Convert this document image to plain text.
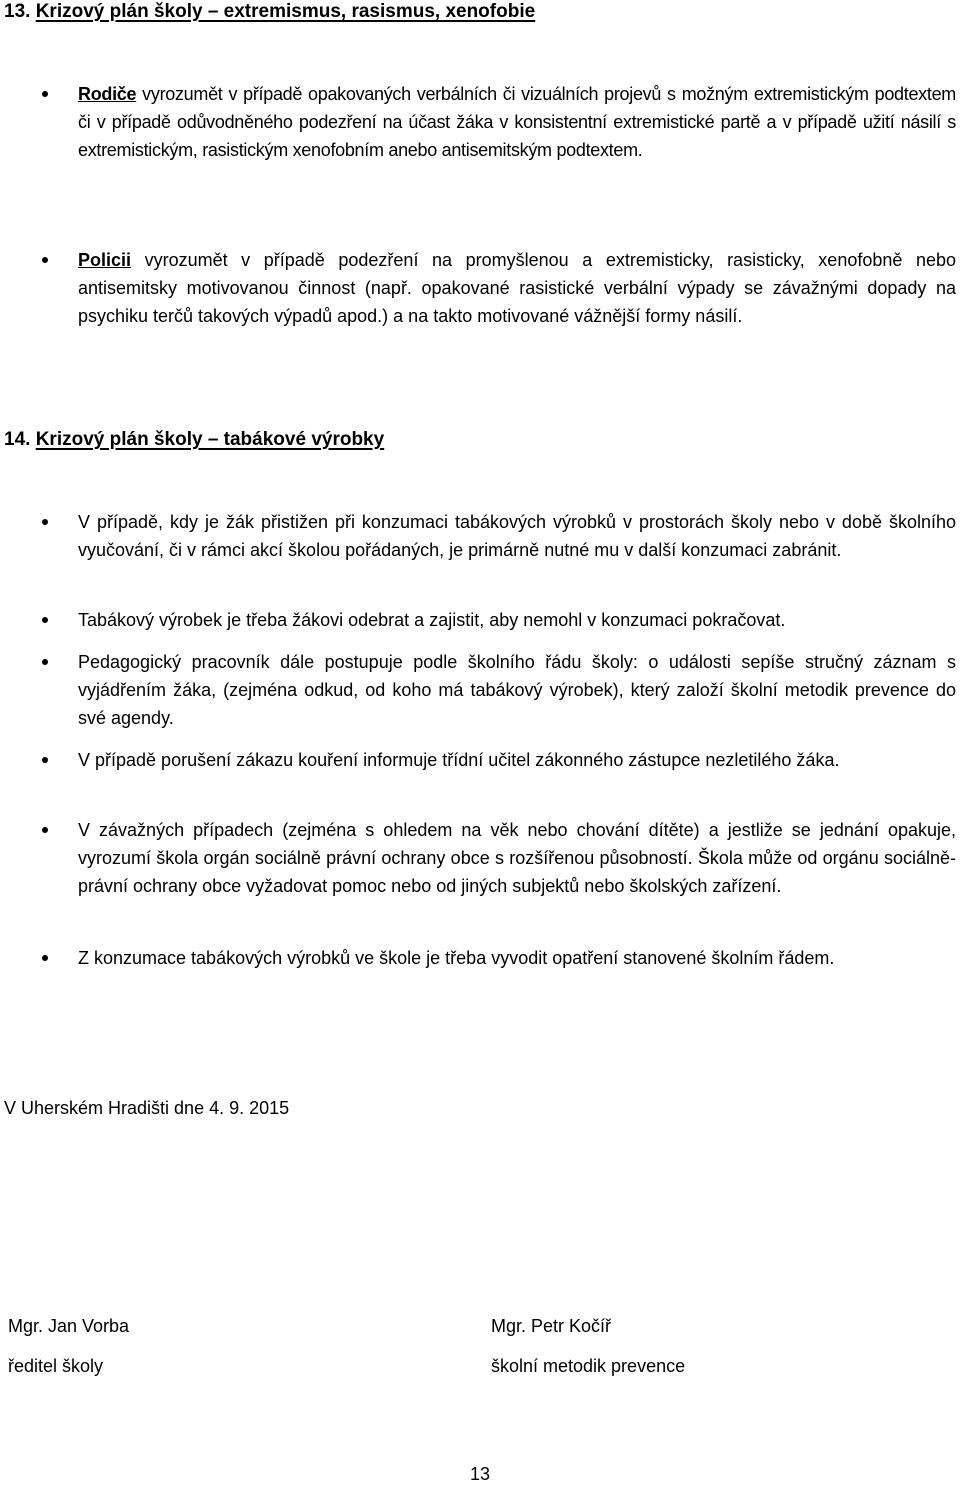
13. Krizový plán školy – extremismus, rasismus, xenofobie

Rodiče vyrozumět v případě opakovaných verbálních či vizuálních projevů s možným extremistickým podtextem či v případě odůvodněného podezření na účast žáka v konsistentní extremistické partě a v případě užití násilí s extremistickým, rasistickým xenofobním anebo antisemitským podtextem.

Policii vyrozumět v případě podezření na promyšlenou a extremisticky, rasisticky, xenofobně nebo antisemitsky motivovanou činnost (např. opakované rasistické verbální výpady se závažnými dopady na psychiku terčů takových výpadů apod.) a na takto motivované vážnější formy násilí.

14. Krizový plán školy – tabákové výrobky

V případě, kdy je žák přistižen při konzumaci tabákových výrobků v prostorách školy nebo v době školního vyučování, či v rámci akcí školou pořádaných, je primárně nutné mu v další konzumaci zabránit.

Tabákový výrobek je třeba žákovi odebrat a zajistit, aby nemohl v konzumaci pokračovat.

Pedagogický pracovník dále postupuje podle školního řádu školy: o události sepíše stručný záznam s vyjádřením žáka, (zejména odkud, od koho má tabákový výrobek), který založí školní metodik prevence do své agendy.

V případě porušení zákazu kouření informuje třídní učitel zákonného zástupce nezletilého žáka.

V závažných případech (zejména s ohledem na věk nebo chování dítěte) a jestliže se jednání opakuje, vyrozumí škola orgán sociálně právní ochrany obce s rozšířenou působností. Škola může od orgánu sociálně-právní ochrany obce vyžadovat pomoc nebo od jiných subjektů nebo školských zařízení.

Z konzumace tabákových výrobků ve škole je třeba vyvodit opatření stanovené školním řádem.

V Uherském Hradišti dne 4. 9. 2015

Mgr. Jan Vorba

ředitel školy

Mgr. Petr Kočíř

školní metodik prevence

13
